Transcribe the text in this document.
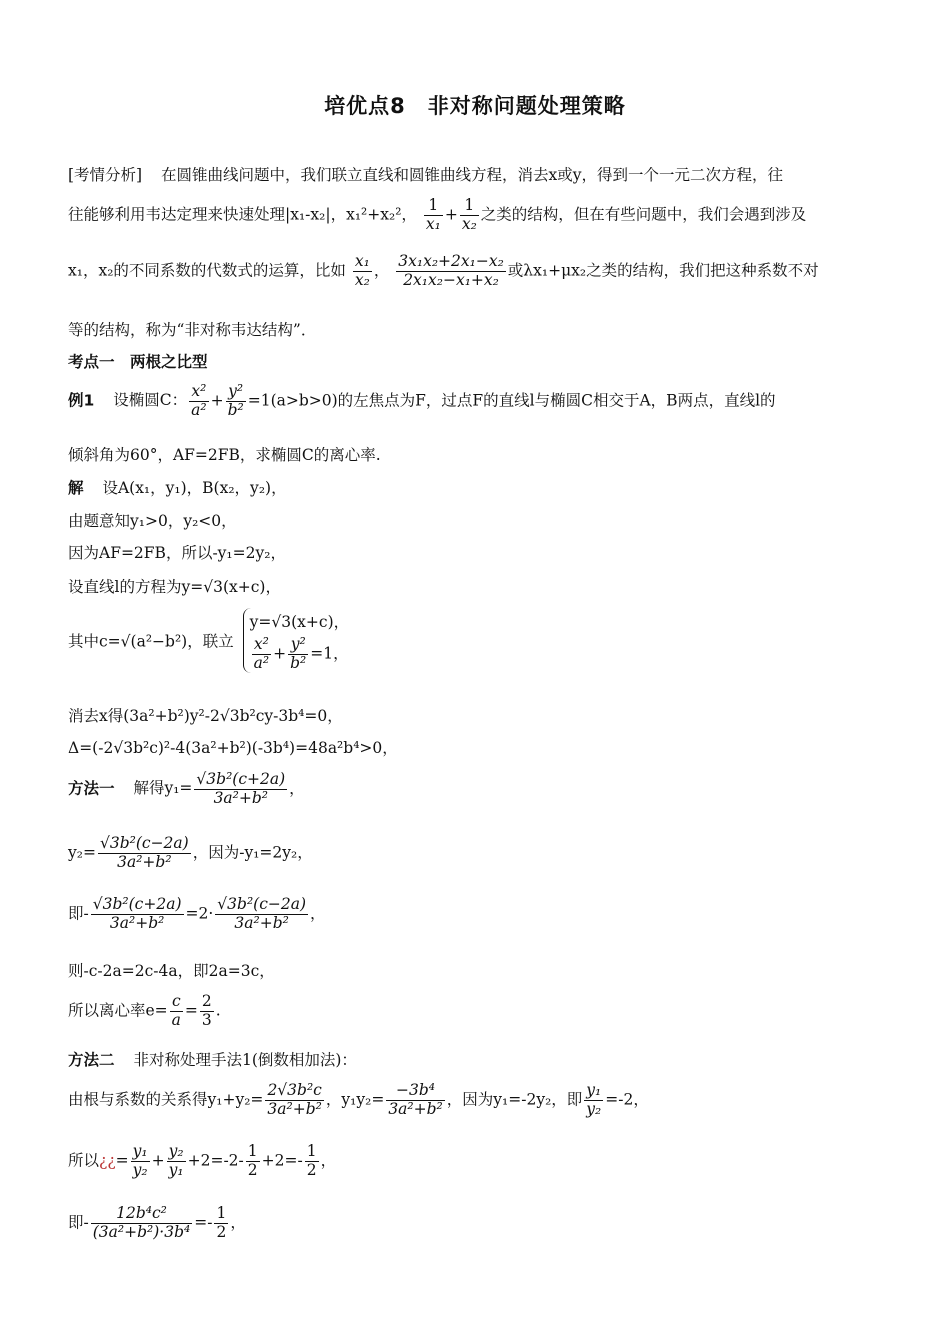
培优点8　非对称问题处理策略
[考情分析] 在圆锥曲线问题中，我们联立直线和圆锥曲线方程，消去x或y，得到一个一元二次方程，往
往能够利用韦达定理来快速处理|x₁-x₂|，x₁²+x₂²， $\frac{1}{\text{x₁}} + \frac{1}{\text{x₂}}$ 之类的结构，但在有些问题中，我们会遇到涉及
x₁，x₂的不同系数的代数式的运算，比如 $\frac{\text{x₁}}{\text{x₂}}$ ， $\frac{\text{3x₁x₂+2x₁−x₂}}{\text{2x₁x₂−x₁+x₂}}$ 或λx₁+μx₂之类的结构，我们把这种系数不对
等的结构，称为“非对称韦达结构”．
考点一　两根之比型
例1 设椭圆C： $\frac{\text{x²}}{\text{a²}} + \frac{\text{y²}}{\text{b²}} =1(a>b>0)$的左焦点为F，过点F的直线l与椭圆C相交于A，B两点，直线l的
倾斜角为60°，AF=2FB，求椭圆C的离心率.
解 设A(x₁，y₁)，B(x₂，y₂)，
由题意知y₁>0，y₂<0，
因为AF=2FB，所以-y₁=2y₂，
设直线l的方程为y=√3(x+c)，
其中c=√(a²−b²)，联立
y=√3(x+c)，
$\frac{\text{x²}}{\text{a²}} + \frac{\text{y²}}{\text{b²}} =1$，
消去x得(3a²+b²)y²-2√3b²cy-3b⁴=0，
Δ=(-2√3b²c)²-4(3a²+b²)(-3b⁴)=48a²b⁴>0，
方法一 解得$y_1= \frac{\text{√3b²(c+2a)}}{\text{3a²+b²}}$ ，
$y_2= \frac{\text{√3b²(c−2a)}}{\text{3a²+b²}}$ ，因为-y₁=2y₂，
即- $\frac{\text{√3b²(c+2a)}}{\text{3a²+b²}} =2\cdot \frac{\text{√3b²(c−2a)}}{\text{3a²+b²}}$ ，
则-c-2a=2c-4a，即2a=3c，
所以离心率$e= \frac{c}{a} = \frac{2}{3}$ .
方法二 非对称处理手法1(倒数相加法)：
由根与系数的关系得$y_1+y_2= \frac{\text{2√3b²c}}{\text{3a²+b²}}$ ，$y_1y_2= \frac{\text{−3b⁴}}{\text{3a²+b²}}$ ，因为y₁=-2y₂，即 $\frac{\text{y₁}}{\text{y₂}} =-2$，
所以¿¿= $\frac{\text{y₁}}{\text{y₂}} + \frac{\text{y₂}}{\text{y₁}} +2=-2- \frac{1}{2} +2=- \frac{1}{2}$ ，
即- $\frac{\text{12b⁴c²}}{\text{(3a²+b²)·3b⁴}} =- \frac{1}{2}$ ，
